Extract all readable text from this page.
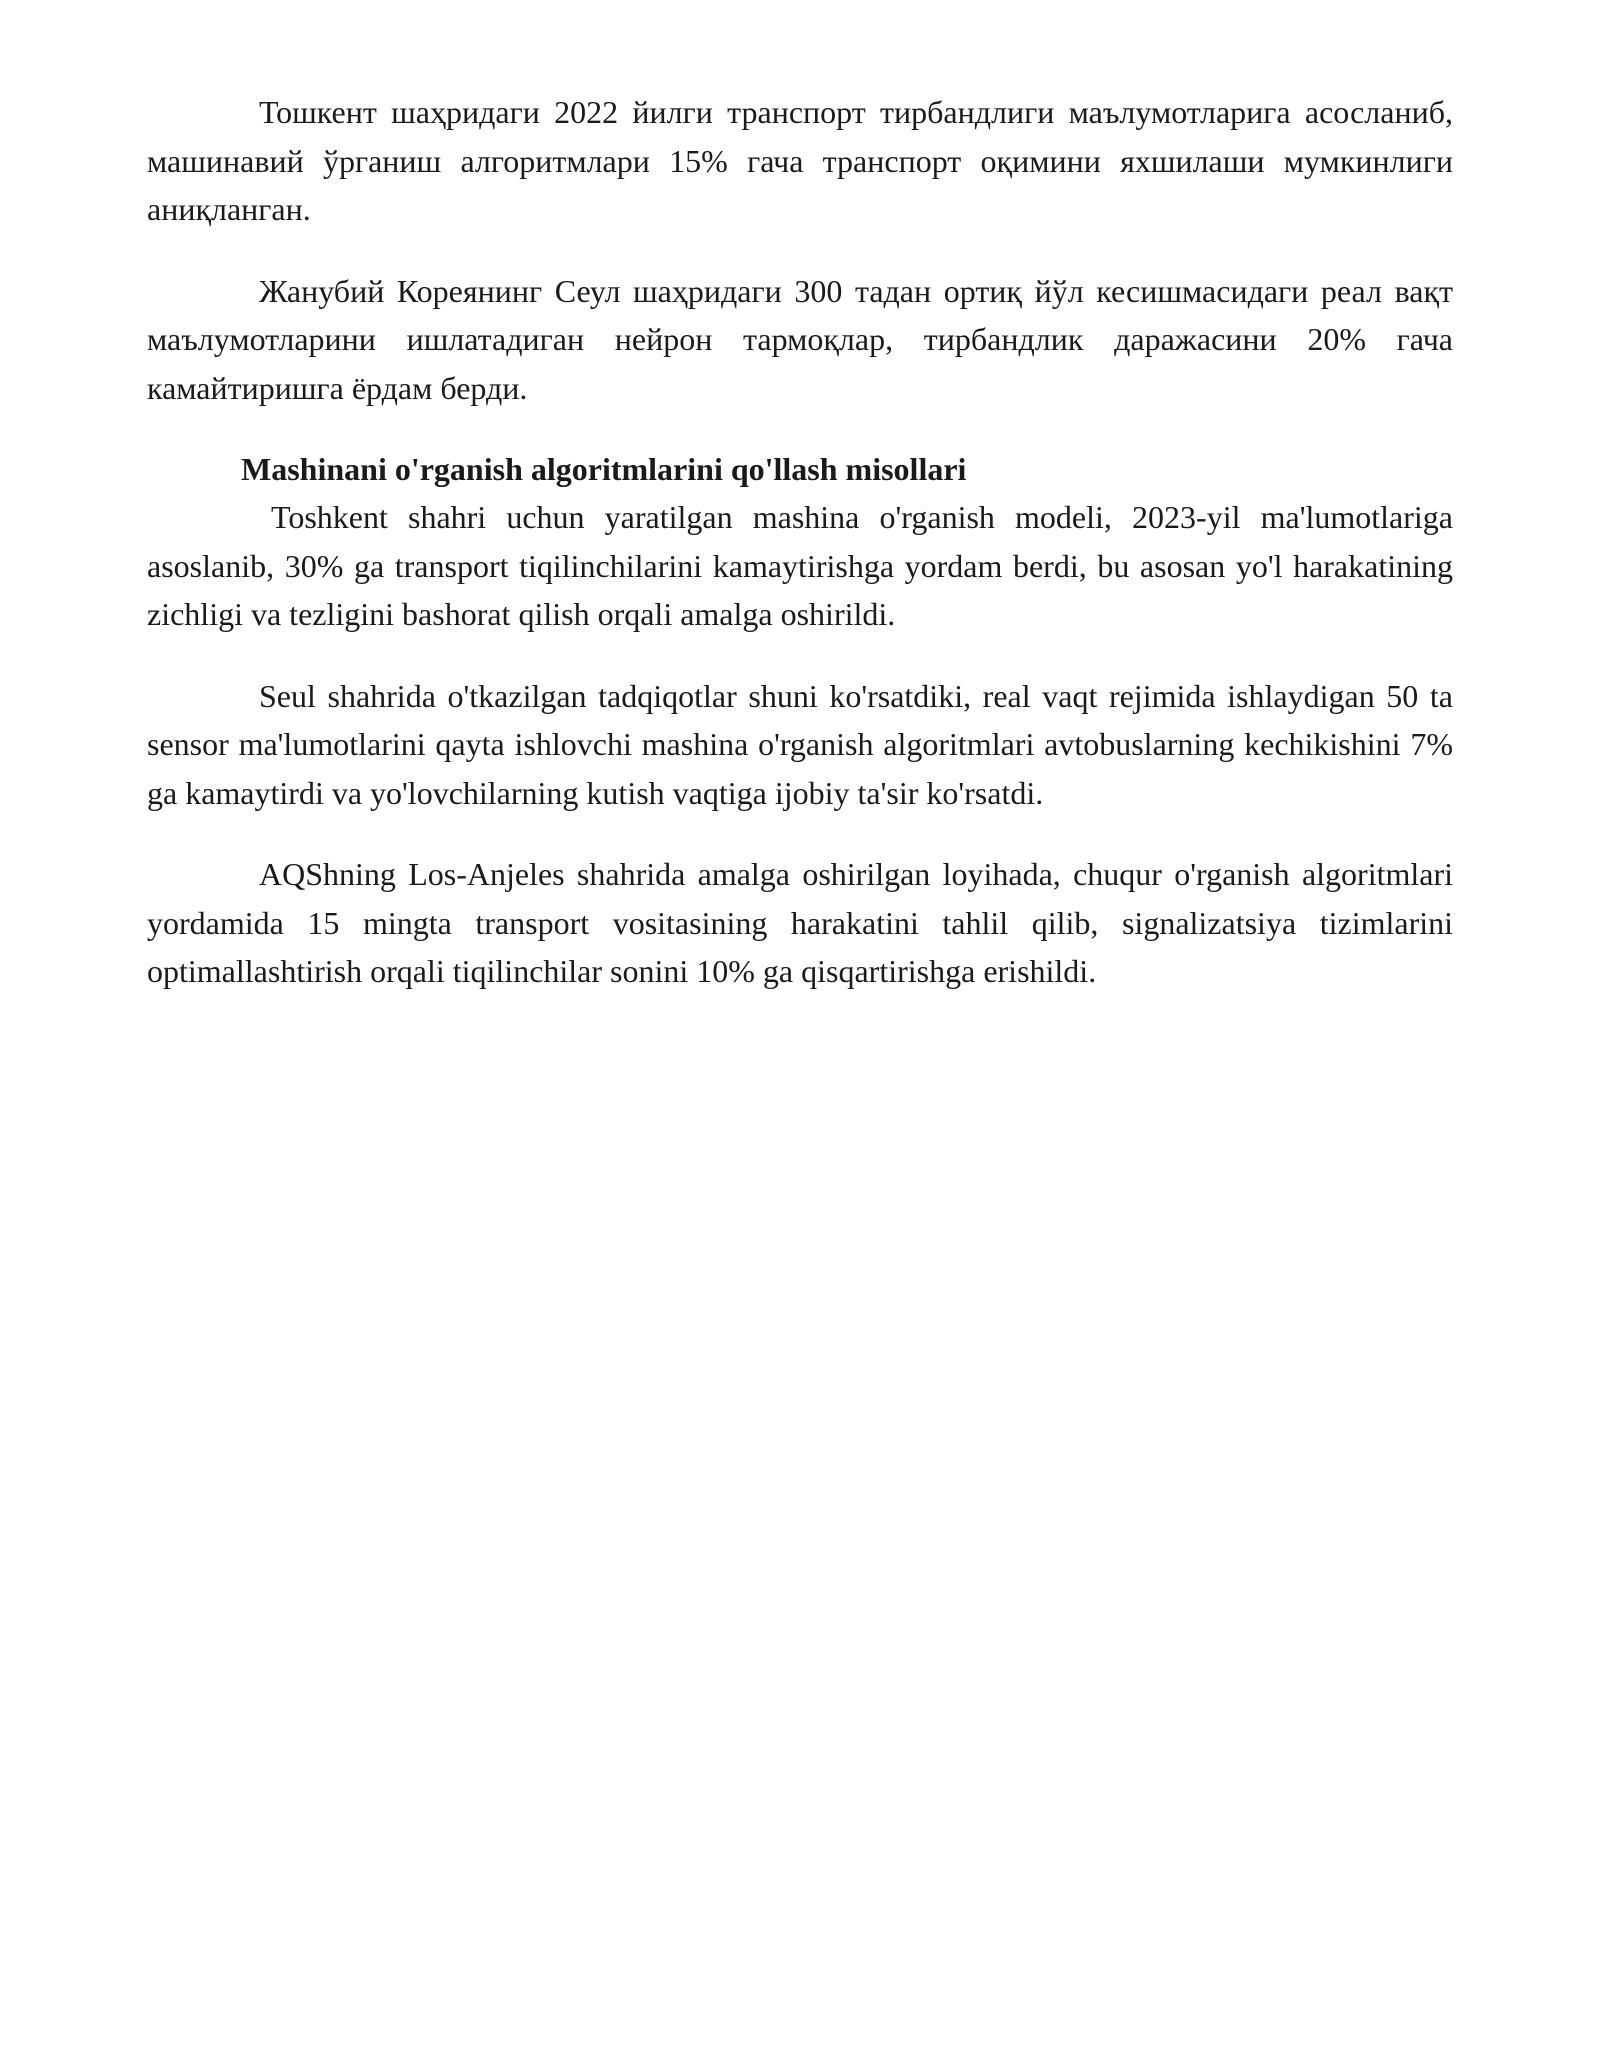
Тошкент шаҳридаги 2022 йилги транспорт тирбандлиги маълумотларига асосланиб, машинавий ўрганиш алгоритмлари 15% гача транспорт оқимини яхшилаши мумкинлиги аниқланган.

Жанубий Кореянинг Сеул шаҳридаги 300 тадан ортиқ йўл кесишмасидаги реал вақт маълумотларини ишлатадиган нейрон тармоқлар, тирбандлик даражасини 20% гача камайтиришга ёрдам берди.

Mashinani o'rganish algoritmlarini qo'llash misollari

Toshkent shahri uchun yaratilgan mashina o'rganish modeli, 2023-yil ma'lumotlariga asoslanib, 30% ga transport tiqilinchilarini kamaytirishga yordam berdi, bu asosan yo'l harakatining zichligi va tezligini bashorat qilish orqali amalga oshirildi.

Seul shahrida o'tkazilgan tadqiqotlar shuni ko'rsatdiki, real vaqt rejimida ishlaydigan 50 ta sensor ma'lumotlarini qayta ishlovchi mashina o'rganish algoritmlari avtobuslarning kechikishini 7% ga kamaytirdi va yo'lovchilarning kutish vaqtiga ijobiy ta'sir ko'rsatdi.

AQShning Los-Anjeles shahrida amalga oshirilgan loyihada, chuqur o'rganish algoritmlari yordamida 15 mingta transport vositasining harakatini tahlil qilib, signalizatsiya tizimlarini optimallashtirish orqali tiqilinchilar sonini 10% ga qisqartirishga erishildi.
